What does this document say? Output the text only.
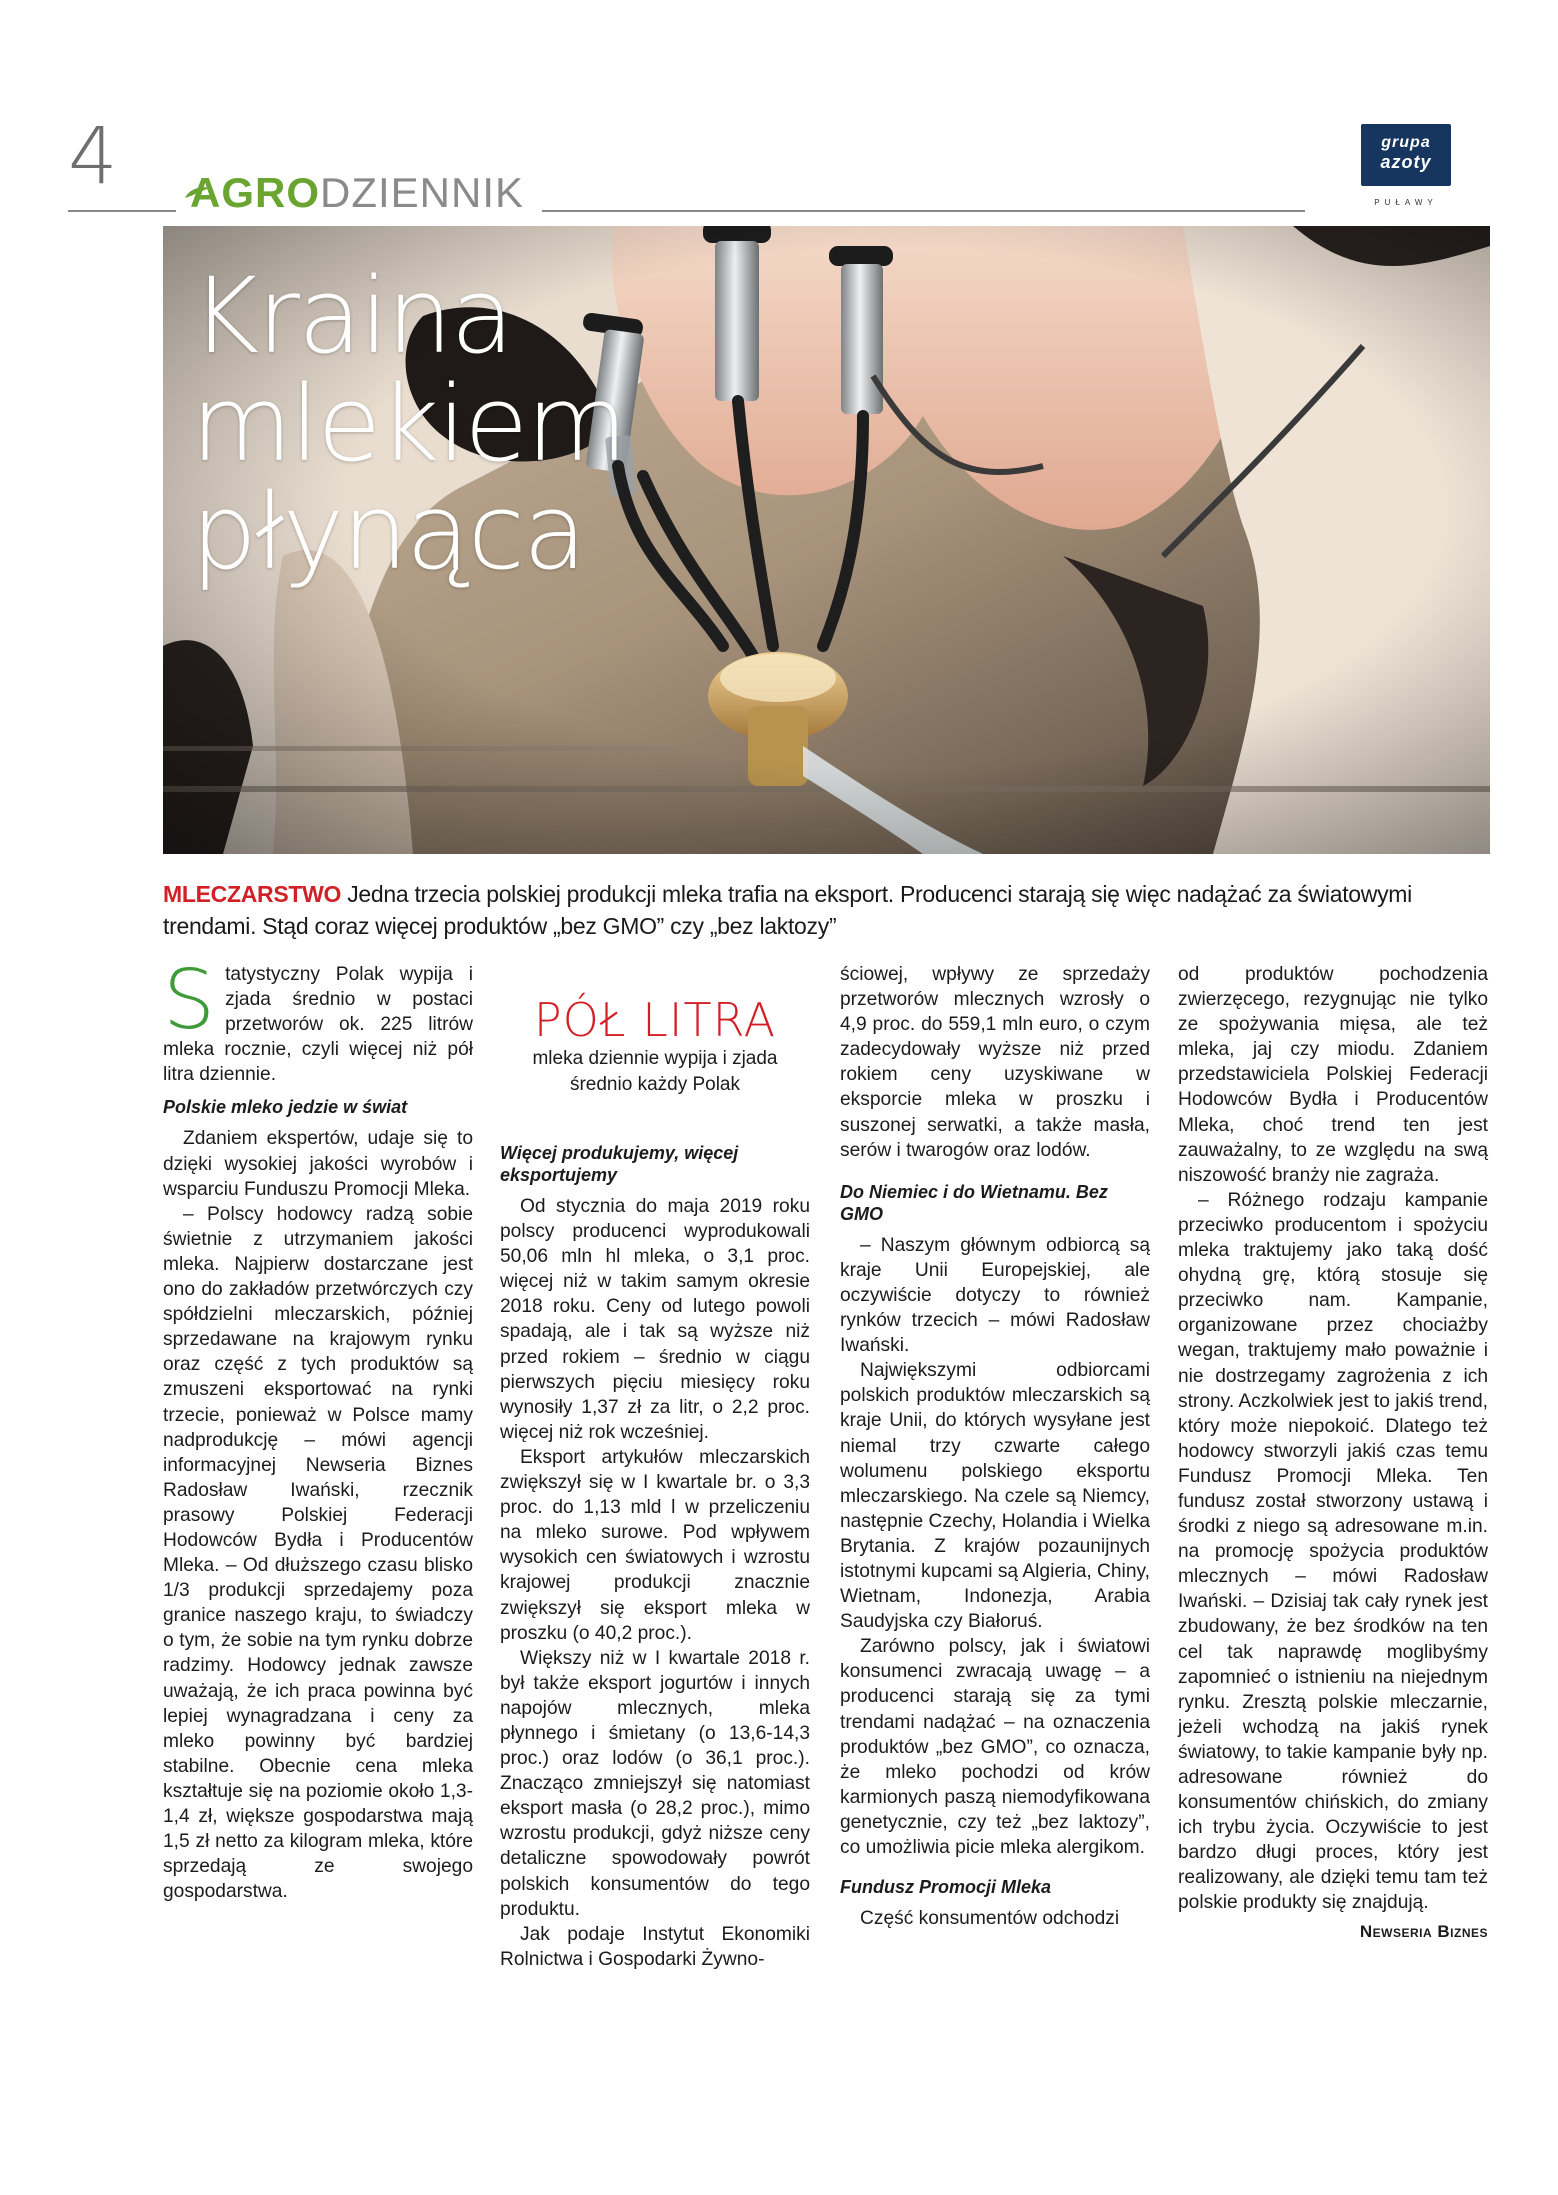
4 AGRODZIENNIK
grupa
azoty
PUŁAWY
Kraina
mlekiem
płynąca
MLECZARSTWO Jedna trzecia polskiej produkcji mleka trafia na eksport. Producenci starają się więc nadążać za światowymi trendami. Stąd coraz więcej produktów „bez GMO” czy „bez laktozy”

Statystyczny Polak wypija i zjada średnio w postaci przetworów ok. 225 litrów mleka rocznie, czyli więcej niż pół litra dziennie.

Polskie mleko jedzie w świat

Zdaniem ekspertów, udaje się to dzięki wysokiej jakości wyrobów i wsparciu Funduszu Promocji Mleka.

– Polscy hodowcy radzą sobie świetnie z utrzymaniem jakości mleka. Najpierw dostarczane jest ono do zakładów przetwórczych czy spółdzielni mleczarskich, później sprzedawane na krajowym rynku oraz część z tych produktów są zmuszeni eksportować na rynki trzecie, ponieważ w Polsce mamy nadprodukcję – mówi agencji informacyjnej Newseria Biznes Radosław Iwański, rzecznik prasowy Polskiej Federacji Hodowców Bydła i Producentów Mleka. – Od dłuższego czasu blisko 1/3 produkcji sprzedajemy poza granice naszego kraju, to świadczy o tym, że sobie na tym rynku dobrze radzimy. Hodowcy jednak zawsze uważają, że ich praca powinna być lepiej wynagradzana i ceny za mleko powinny być bardziej stabilne. Obecnie cena mleka kształtuje się na poziomie około 1,3-1,4 zł, większe gospodarstwa mają 1,5 zł netto za kilogram mleka, które sprzedają ze swojego gospodarstwa.

PÓŁ LITRA
mleka dziennie wypija i zjada średnio każdy Polak
Więcej produkujemy, więcej eksportujemy

Od stycznia do maja 2019 roku polscy producenci wyprodukowali 50,06 mln hl mleka, o 3,1 proc. więcej niż w takim samym okresie 2018 roku. Ceny od lutego powoli spadają, ale i tak są wyższe niż przed rokiem – średnio w ciągu pierwszych pięciu miesięcy roku wynosiły 1,37 zł za litr, o 2,2 proc. więcej niż rok wcześniej.

Eksport artykułów mleczarskich zwiększył się w I kwartale br. o 3,3 proc. do 1,13 mld l w przeliczeniu na mleko surowe. Pod wpływem wysokich cen światowych i wzrostu krajowej produkcji znacznie zwiększył się eksport mleka w proszku (o 40,2 proc.).

Większy niż w I kwartale 2018 r. był także eksport jogurtów i innych napojów mlecznych, mleka płynnego i śmietany (o 13,6-14,3 proc.) oraz lodów (o 36,1 proc.). Znacząco zmniejszył się natomiast eksport masła (o 28,2 proc.), mimo wzrostu produkcji, gdyż niższe ceny detaliczne spowodowały powrót polskich konsumentów do tego produktu.

Jak podaje Instytut Ekonomiki Rolnictwa i Gospodarki Żywno-

ściowej, wpływy ze sprzedaży przetworów mlecznych wzrosły o 4,9 proc. do 559,1 mln euro, o czym zadecydowały wyższe niż przed rokiem ceny uzyskiwane w eksporcie mleka w proszku i suszonej serwatki, a także masła, serów i twarogów oraz lodów.

Do Niemiec i do Wietnamu. Bez GMO

– Naszym głównym odbiorcą są kraje Unii Europejskiej, ale oczywiście dotyczy to również rynków trzecich – mówi Radosław Iwański.

Największymi odbiorcami polskich produktów mleczarskich są kraje Unii, do których wysyłane jest niemal trzy czwarte całego wolumenu polskiego eksportu mleczarskiego. Na czele są Niemcy, następnie Czechy, Holandia i Wielka Brytania. Z krajów pozaunijnych istotnymi kupcami są Algieria, Chiny, Wietnam, Indonezja, Arabia Saudyjska czy Białoruś.

Zarówno polscy, jak i światowi konsumenci zwracają uwagę – a producenci starają się za tymi trendami nadążać – na oznaczenia produktów „bez GMO”, co oznacza, że mleko pochodzi od krów karmionych paszą niemodyfikowana genetycznie, czy też „bez laktozy”, co umożliwia picie mleka alergikom.

Fundusz Promocji Mleka

Część konsumentów odchodzi

od produktów pochodzenia zwierzęcego, rezygnując nie tylko ze spożywania mięsa, ale też mleka, jaj czy miodu. Zdaniem przedstawiciela Polskiej Federacji Hodowców Bydła i Producentów Mleka, choć trend ten jest zauważalny, to ze względu na swą niszowość branży nie zagraża.

– Różnego rodzaju kampanie przeciwko producentom i spożyciu mleka traktujemy jako taką dość ohydną grę, którą stosuje się przeciwko nam. Kampanie, organizowane przez chociażby wegan, traktujemy mało poważnie i nie dostrzegamy zagrożenia z ich strony. Aczkolwiek jest to jakiś trend, który może niepokoić. Dlatego też hodowcy stworzyli jakiś czas temu Fundusz Promocji Mleka. Ten fundusz został stworzony ustawą i środki z niego są adresowane m.in. na promocję spożycia produktów mlecznych – mówi Radosław Iwański. – Dzisiaj tak cały rynek jest zbudowany, że bez środków na ten cel tak naprawdę moglibyśmy zapomnieć o istnieniu na niejednym rynku. Zresztą polskie mleczarnie, jeżeli wchodzą na jakiś rynek światowy, to takie kampanie były np. adresowane również do konsumentów chińskich, do zmiany ich trybu życia. Oczywiście to jest bardzo długi proces, który jest realizowany, ale dzięki temu tam też polskie produkty się znajdują.

Newseria Biznes
